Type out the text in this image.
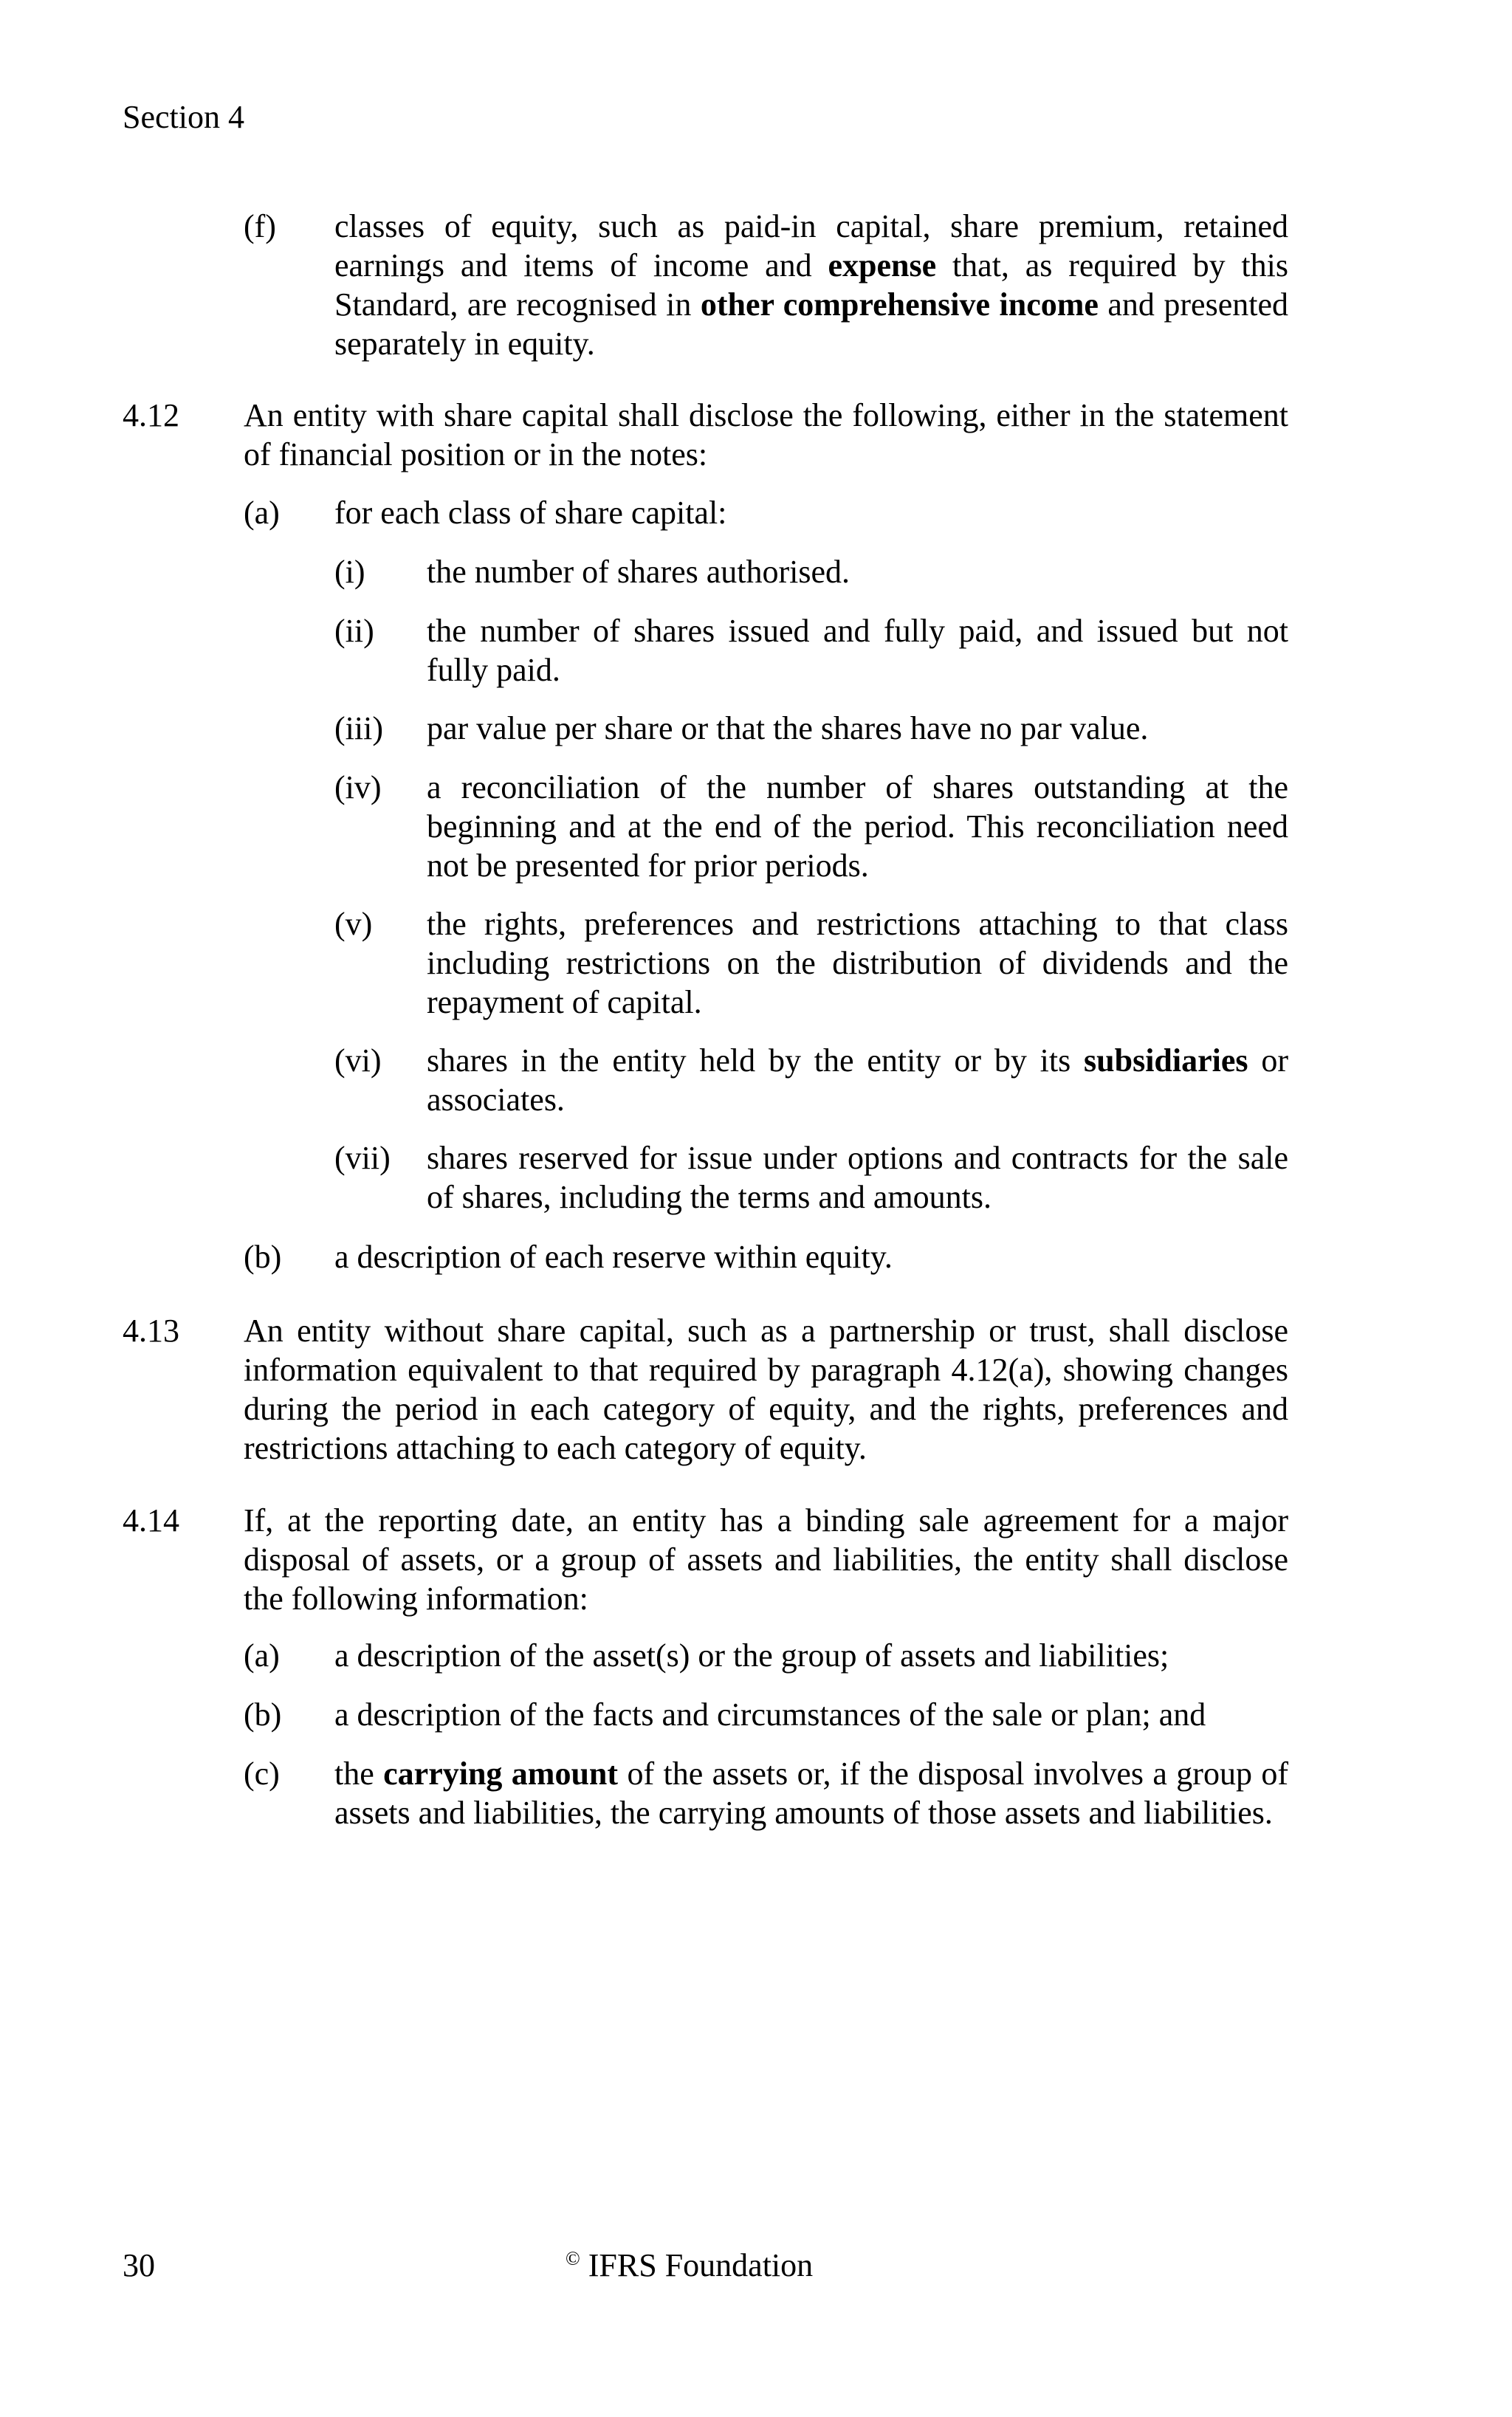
Section 4
(f) classes of equity, such as paid-in capital, share premium, retained earnings and items of income and expense that, as required by this Standard, are recognised in other comprehensive income and presented separately in equity.
4.12 An entity with share capital shall disclose the following, either in the statement of financial position or in the notes:
(a) for each class of share capital:
(i) the number of shares authorised.
(ii) the number of shares issued and fully paid, and issued but not fully paid.
(iii) par value per share or that the shares have no par value.
(iv) a reconciliation of the number of shares outstanding at the beginning and at the end of the period. This reconciliation need not be presented for prior periods.
(v) the rights, preferences and restrictions attaching to that class including restrictions on the distribution of dividends and the repayment of capital.
(vi) shares in the entity held by the entity or by its subsidiaries or associates.
(vii) shares reserved for issue under options and contracts for the sale of shares, including the terms and amounts.
(b) a description of each reserve within equity.
4.13 An entity without share capital, such as a partnership or trust, shall disclose information equivalent to that required by paragraph 4.12(a), showing changes during the period in each category of equity, and the rights, preferences and restrictions attaching to each category of equity.
4.14 If, at the reporting date, an entity has a binding sale agreement for a major disposal of assets, or a group of assets and liabilities, the entity shall disclose the following information:
(a) a description of the asset(s) or the group of assets and liabilities;
(b) a description of the facts and circumstances of the sale or plan; and
(c) the carrying amount of the assets or, if the disposal involves a group of assets and liabilities, the carrying amounts of those assets and liabilities.
30	© IFRS Foundation
